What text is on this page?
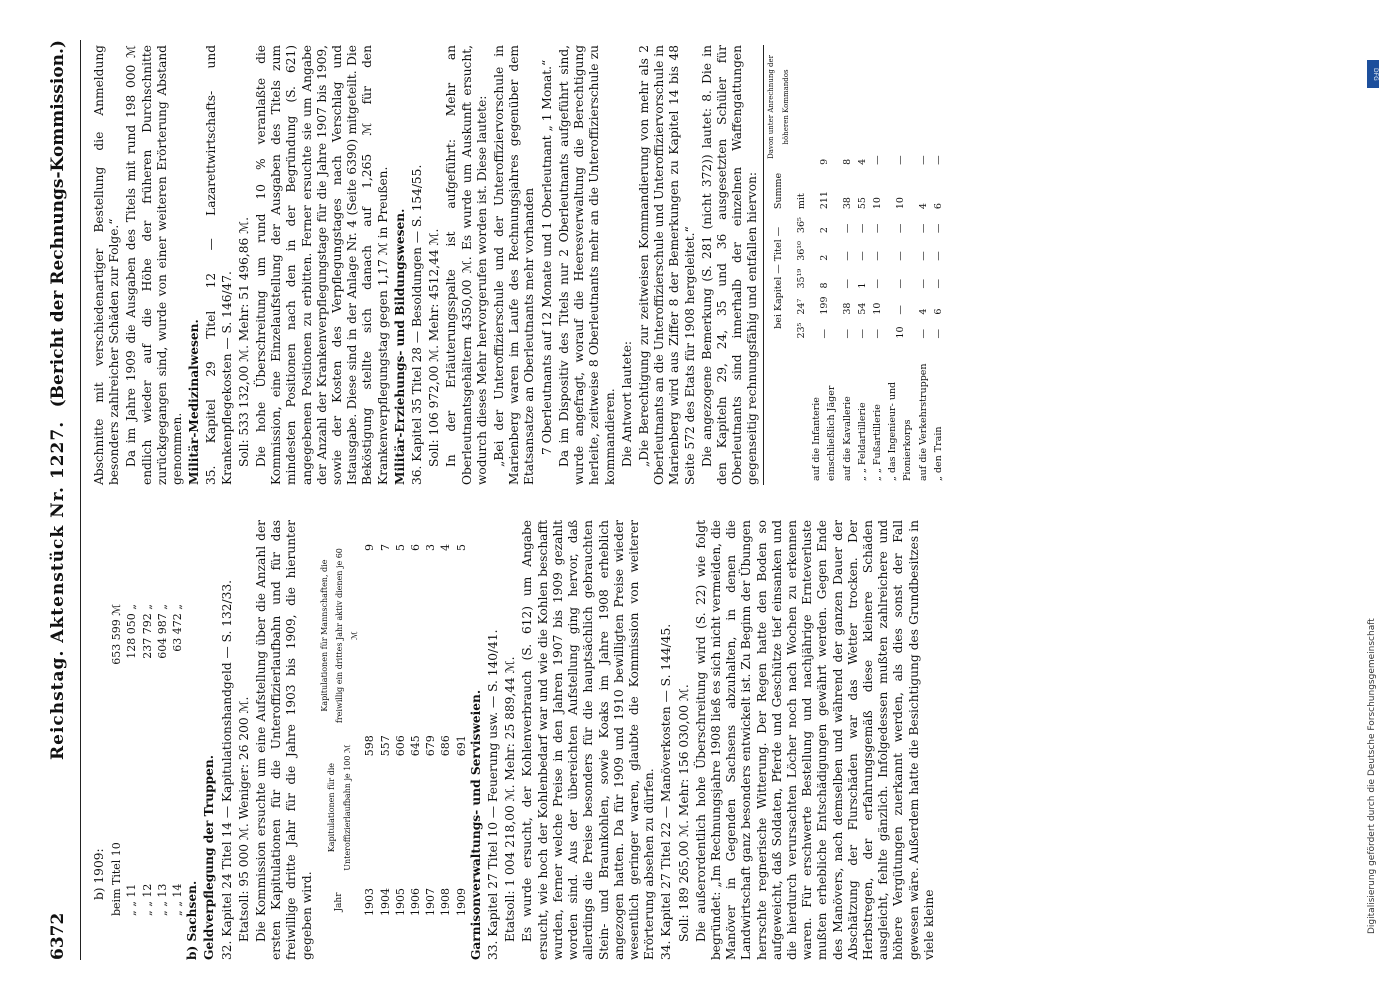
6372
Reichstag. Aktenstück Nr. 1227.
(Bericht der Rechnungs-Kommission.)

b) 1909: beim Titel 10	653 599 ℳ
„ „ 11	128 050 „
„ „ 12	237 792 „
„ „ 13	604 987 „
„ „ 14	63 472 „

b) Sachsen. Geldverpflegung der Truppen. 32. Kapitel 24 Titel 14 — Kapitulationshandgeld — S. 132/33. Etatsoll: 95 000 ℳ. Weniger: 26 200 ℳ. Die Kommission ersuchte um eine Aufstellung über die Anzahl der ersten Kapitulationen für die Unteroffizierlaufbahn und für das freiwillige dritte Jahr für die Jahre 1903 bis 1909, die hierunter gegeben wird. Jahr	Kapitulationen für die Unteroffizierlaufbahn je 100 ℳ	Kapitulationen für Mannschaften, die freiwillig ein drittes Jahr aktiv dienen je 60 ℳ
1903	598	9
1904	557	7
1905	606	5
1906	645	6
1907	679	3
1908	686	4
1909	691	5

Garnisonverwaltungs- und Servisweien. 33. Kapitel 27 Titel 10 — Feuerung usw. — S. 140/41. Etatsoll: 1 004 218,00 ℳ. Mehr: 25 889,44 ℳ. Es wurde ersucht, der Kohlenverbrauch (S. 612) um Angabe ersucht, wie hoch der Kohlenbedarf war und wie die Kohlen beschafft wurden, ferner welche Preise in den Jahren 1907 bis 1909 gezahlt worden sind. Aus der übereichten Aufstellung ging hervor, daß allerdings die Preise besonders für die hauptsächlich gebrauchten Stein- und Braunkohlen, sowie Koaks im Jahre 1908 erheblich angezogen hatten. Da für 1909 und 1910 bewilligten Preise wieder wesentlich geringer waren, glaubte die Kommission von weiterer Erörterung absehen zu dürfen. 34. Kapitel 27 Titel 22 — Manöverkosten — S. 144/45. Soll: 189 265,00 ℳ. Mehr: 156 030,00 ℳ. Die außerordentlich hohe Überschreitung wird (S. 22) wie folgt begründet: „Im Rechnungsjahre 1908 ließ es sich nicht vermeiden, die Manöver in Gegenden Sachsens abzuhalten, in denen die Landwirtschaft ganz besonders entwickelt ist. Zu Beginn der Übungen herrschte regnerische Witterung. Der Regen hatte den Boden so aufgeweicht, daß Soldaten, Pferde und Geschütze tief einsanken und die hierdurch verursachten Löcher noch nach Wochen zu erkennen waren. Für erschwerte Bestellung und nachjährige Ernteverluste mußten erhebliche Entschädigungen gewährt werden. Gegen Ende des Manövers, nach demselben und während der ganzen Dauer der Abschätzung der Flurschäden war das Wetter trocken. Der Herbstregen, der erfahrungsgemäß diese kleinere Schäden ausgleicht, fehlte gänzlich. Infolgedessen mußten zahlreichere und höhere Vergütungen zuerkannt werden, als dies sonst der Fall gewesen wäre. Außerdem hatte die Besichtigung des Grundbesitzes in viele kleine

Abschnitte mit verschiedenartiger Bestellung die Anmeldung besonders zahlreicher Schäden zur Folge.“ Da im Jahre 1909 die Ausgaben des Titels mit rund 198 000 ℳ endlich wieder auf die Höhe der früheren Durchschnitte zurückgegangen sind, wurde von einer weiteren Erörterung Abstand genommen. Militär-Medizinalwesen. 35. Kapitel 29 Titel 12 — Lazarettwirtschafts- und Krankenpflegekosten — S. 146/47. Soll: 533 132,00 ℳ. Mehr: 51 496,86 ℳ. Die hohe Überschreitung um rund 10 % veranlaßte die Kommission, eine Einzelaufstellung der Ausgaben des Titels zum mindesten Positionen nach den in der Begründung (S. 621) angegebenen Positionen zu erbitten. Ferner ersuchte sie um Angabe der Anzahl der Krankenverpflegungstage für die Jahre 1907 bis 1909, sowie der Kosten des Verpflegungstages nach Verschlag und Istausgabe. Diese sind in der Anlage Nr. 4 (Seite 6390) mitgeteilt. Die Beköstigung stellte sich danach auf 1,265 ℳ für den Krankenverpflegungstag gegen 1,17 ℳ in Preußen. Militär-Erziehungs- und Bildungswesen. 36. Kapitel 35 Titel 28 — Besoldungen — S. 154/55. Soll: 106 972,00 ℳ. Mehr: 4512,44 ℳ. In der Erläuterungsspalte ist aufgeführt: Mehr an Oberleutnantsgehältern 4350,00 ℳ. Es wurde um Auskunft ersucht, wodurch dieses Mehr hervorgerufen worden ist. Diese lautete: „Bei der Unteroffizierschule und der Unteroffiziervorschule in Marienberg waren im Laufe des Rechnungsjahres gegenüber dem Etatsansatze an Oberleutnants mehr vorhanden 7 Oberleutnants auf 12 Monate und 1 Oberleutnant „ 1 Monat.“ Da im Dispositiv des Titels nur 2 Oberleutnants aufgeführt sind, wurde angefragt, worauf die Heeresverwaltung die Berechtigung herleite, zeitweise 8 Oberleutnants mehr an die Unteroffizierschule zu kommandieren. Die Antwort lautete: „Die Berechtigung zur zeitweisen Kommandierung von mehr als 2 Oberleutnants an die Unteroffizierschule und Unteroffiziervorschule in Marienberg wird aus Ziffer 8 der Bemerkungen zu Kapitel 14 bis 48 Seite 572 des Etats für 1908 hergeleitet.“ Die angezogene Bemerkung (S. 281 (nicht 372)) lautet: 8. Die in den Kapiteln 29, 24, 35 und 36 ausgesetzten Schüler für Oberleutnants sind innerhalb der einzelnen Waffengattungen gegenseitig rechnungsfähig und entfallen hiervon:

	bei Kapitel — Titel —					Summe	Davon unter Anrechnung der höheren Kommandos
	23⁵	24⁷	35¹⁹	36¹⁰	36⁵	mit	
auf die Infanterie einschließlich Jäger	—	199	8	2	2	211	9
auf die Kavallerie	—	38	—	—	—	38	8
„ „ Feldartillerie	—	54	1	—	—	55	4
„ „ Fußartillerie	—	10	—	—	—	10	—
„ das Ingenieur- und Pionierkorps	10	—	—	—	—	10	—
auf die Verkehrstruppen	—	4	—	—	—	4	—
„ den Train	—	6	—	—	—	6	—
DFG
Digitalisierung gefördert durch die Deutsche Forschungsgemeinschaft
